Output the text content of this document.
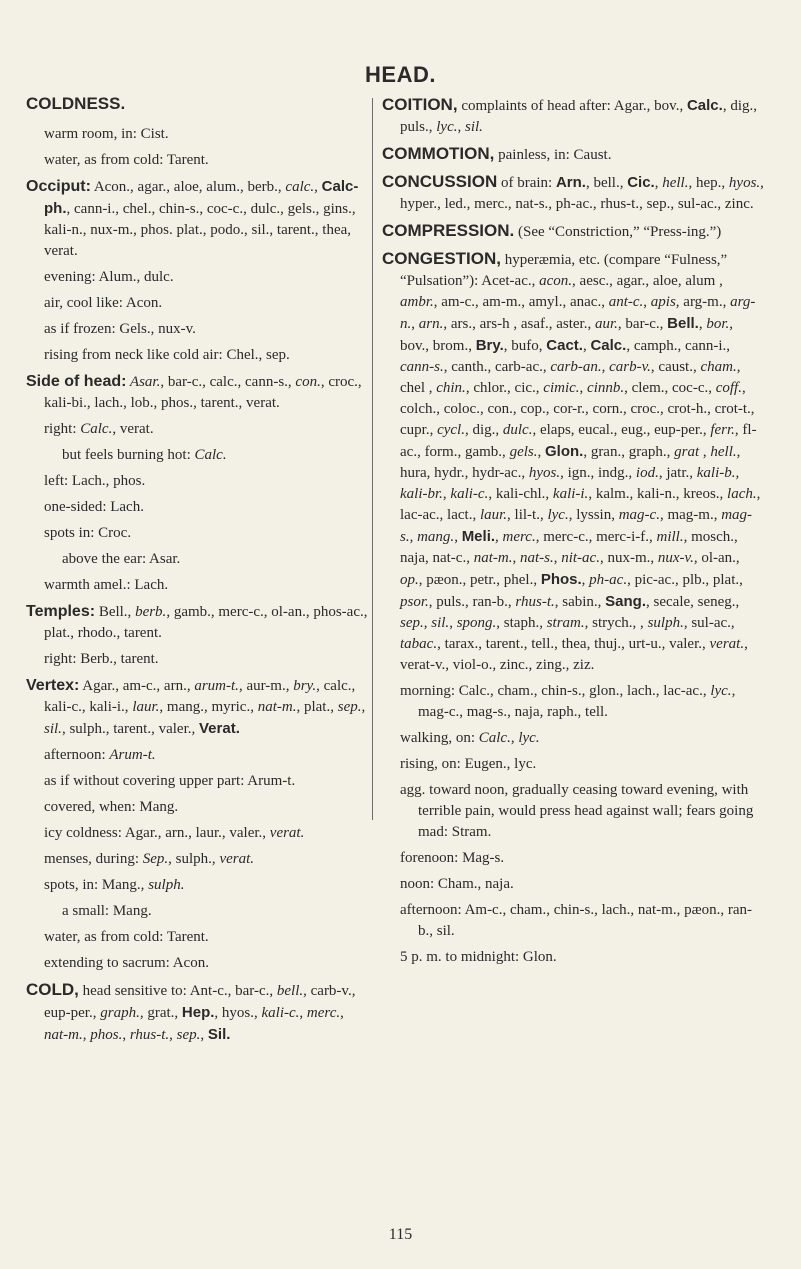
HEAD.
COLDNESS.

warm room, in: Cist.

water, as from cold: Tarent.

Occiput: Acon., agar., aloe, alum., berb., calc., Calc-ph., cann-i., chel., chin-s., coc-c., dulc., gels., gins., kali-n., nux-m., phos. plat., podo., sil., tarent., thea, verat.

evening: Alum., dulc.

air, cool like: Acon.

as if frozen: Gels., nux-v.

rising from neck like cold air: Chel., sep.

Side of head: Asar., bar-c., calc., cann-s., con., croc., kali-bi., lach., lob., phos., tarent., verat.

right: Calc., verat.

but feels burning hot: Calc.

left: Lach., phos.

one-sided: Lach.

spots in: Croc.

above the ear: Asar.

warmth amel.: Lach.

Temples: Bell., berb., gamb., merc-c., ol-an., phos-ac., plat., rhodo., tarent.

right: Berb., tarent.

Vertex: Agar., am-c., arn., arum-t., aur-m., bry., calc., kali-c., kali-i., laur., mang., myric., nat-m., plat., sep., sil., sulph., tarent., valer., Verat.

afternoon: Arum-t.

as if without covering upper part: Arum-t.

covered, when: Mang.

icy coldness: Agar., arn., laur., valer., verat.

menses, during: Sep., sulph., verat.

spots, in: Mang., sulph.

a small: Mang.

water, as from cold: Tarent.

extending to sacrum: Acon.

COLD, head sensitive to: Ant-c., bar-c., bell., carb-v., eup-per., graph., grat., Hep., hyos., kali-c., merc., nat-m., phos., rhus-t., sep., Sil.

COITION, complaints of head after: Agar., bov., Calc., dig., puls., lyc., sil.

COMMOTION, painless, in: Caust.

CONCUSSION of brain: Arn., bell., Cic., hell., hep., hyos., hyper., led., merc., nat-s., ph-ac., rhus-t., sep., sul-ac., zinc.

COMPRESSION. (See “Constriction,” “Press-ing.”)

CONGESTION, hyperæmia, etc. (compare “Fulness,” “Pulsation”): Acet-ac., acon., aesc., agar., aloe, alum , ambr., am-c., am-m., amyl., anac., ant-c., apis, arg-m., arg-n., arn., ars., ars-h , asaf., aster., aur., bar-c., Bell., bor., bov., brom., Bry., bufo, Cact., Calc., camph., cann-i., cann-s., canth., carb-ac., carb-an., carb-v., caust., cham., chel , chin., chlor., cic., cimic., cinnb., clem., coc-c., coff., colch., coloc., con., cop., cor-r., corn., croc., crot-h., crot-t., cupr., cycl., dig., dulc., elaps, eucal., eug., eup-per., ferr., fl-ac., form., gamb., gels., Glon., gran., graph., grat , hell., hura, hydr., hydr-ac., hyos., ign., indg., iod., jatr., kali-b., kali-br., kali-c., kali-chl., kali-i., kalm., kali-n., kreos., lach., lac-ac., lact., laur., lil-t., lyc., lyssin, mag-c., mag-m., mag-s., mang., Meli., merc., merc-c., merc-i-f., mill., mosch., naja, nat-c., nat-m., nat-s., nit-ac., nux-m., nux-v., ol-an., op., pæon., petr., phel., Phos., ph-ac., pic-ac., plb., plat., psor., puls., ran-b., rhus-t., sabin., Sang., secale, seneg., sep., sil., spong., staph., stram., strych., , sulph., sul-ac., tabac., tarax., tarent., tell., thea, thuj., urt-u., valer., verat., verat-v., viol-o., zinc., zing., ziz.

morning: Calc., cham., chin-s., glon., lach., lac-ac., lyc., mag-c., mag-s., naja, raph., tell.

walking, on: Calc., lyc.

rising, on: Eugen., lyc.

agg. toward noon, gradually ceasing toward evening, with terrible pain, would press head against wall; fears going mad: Stram.

forenoon: Mag-s.

noon: Cham., naja.

afternoon: Am-c., cham., chin-s., lach., nat-m., pæon., ran-b., sil.

5 p. m. to midnight: Glon.

115
